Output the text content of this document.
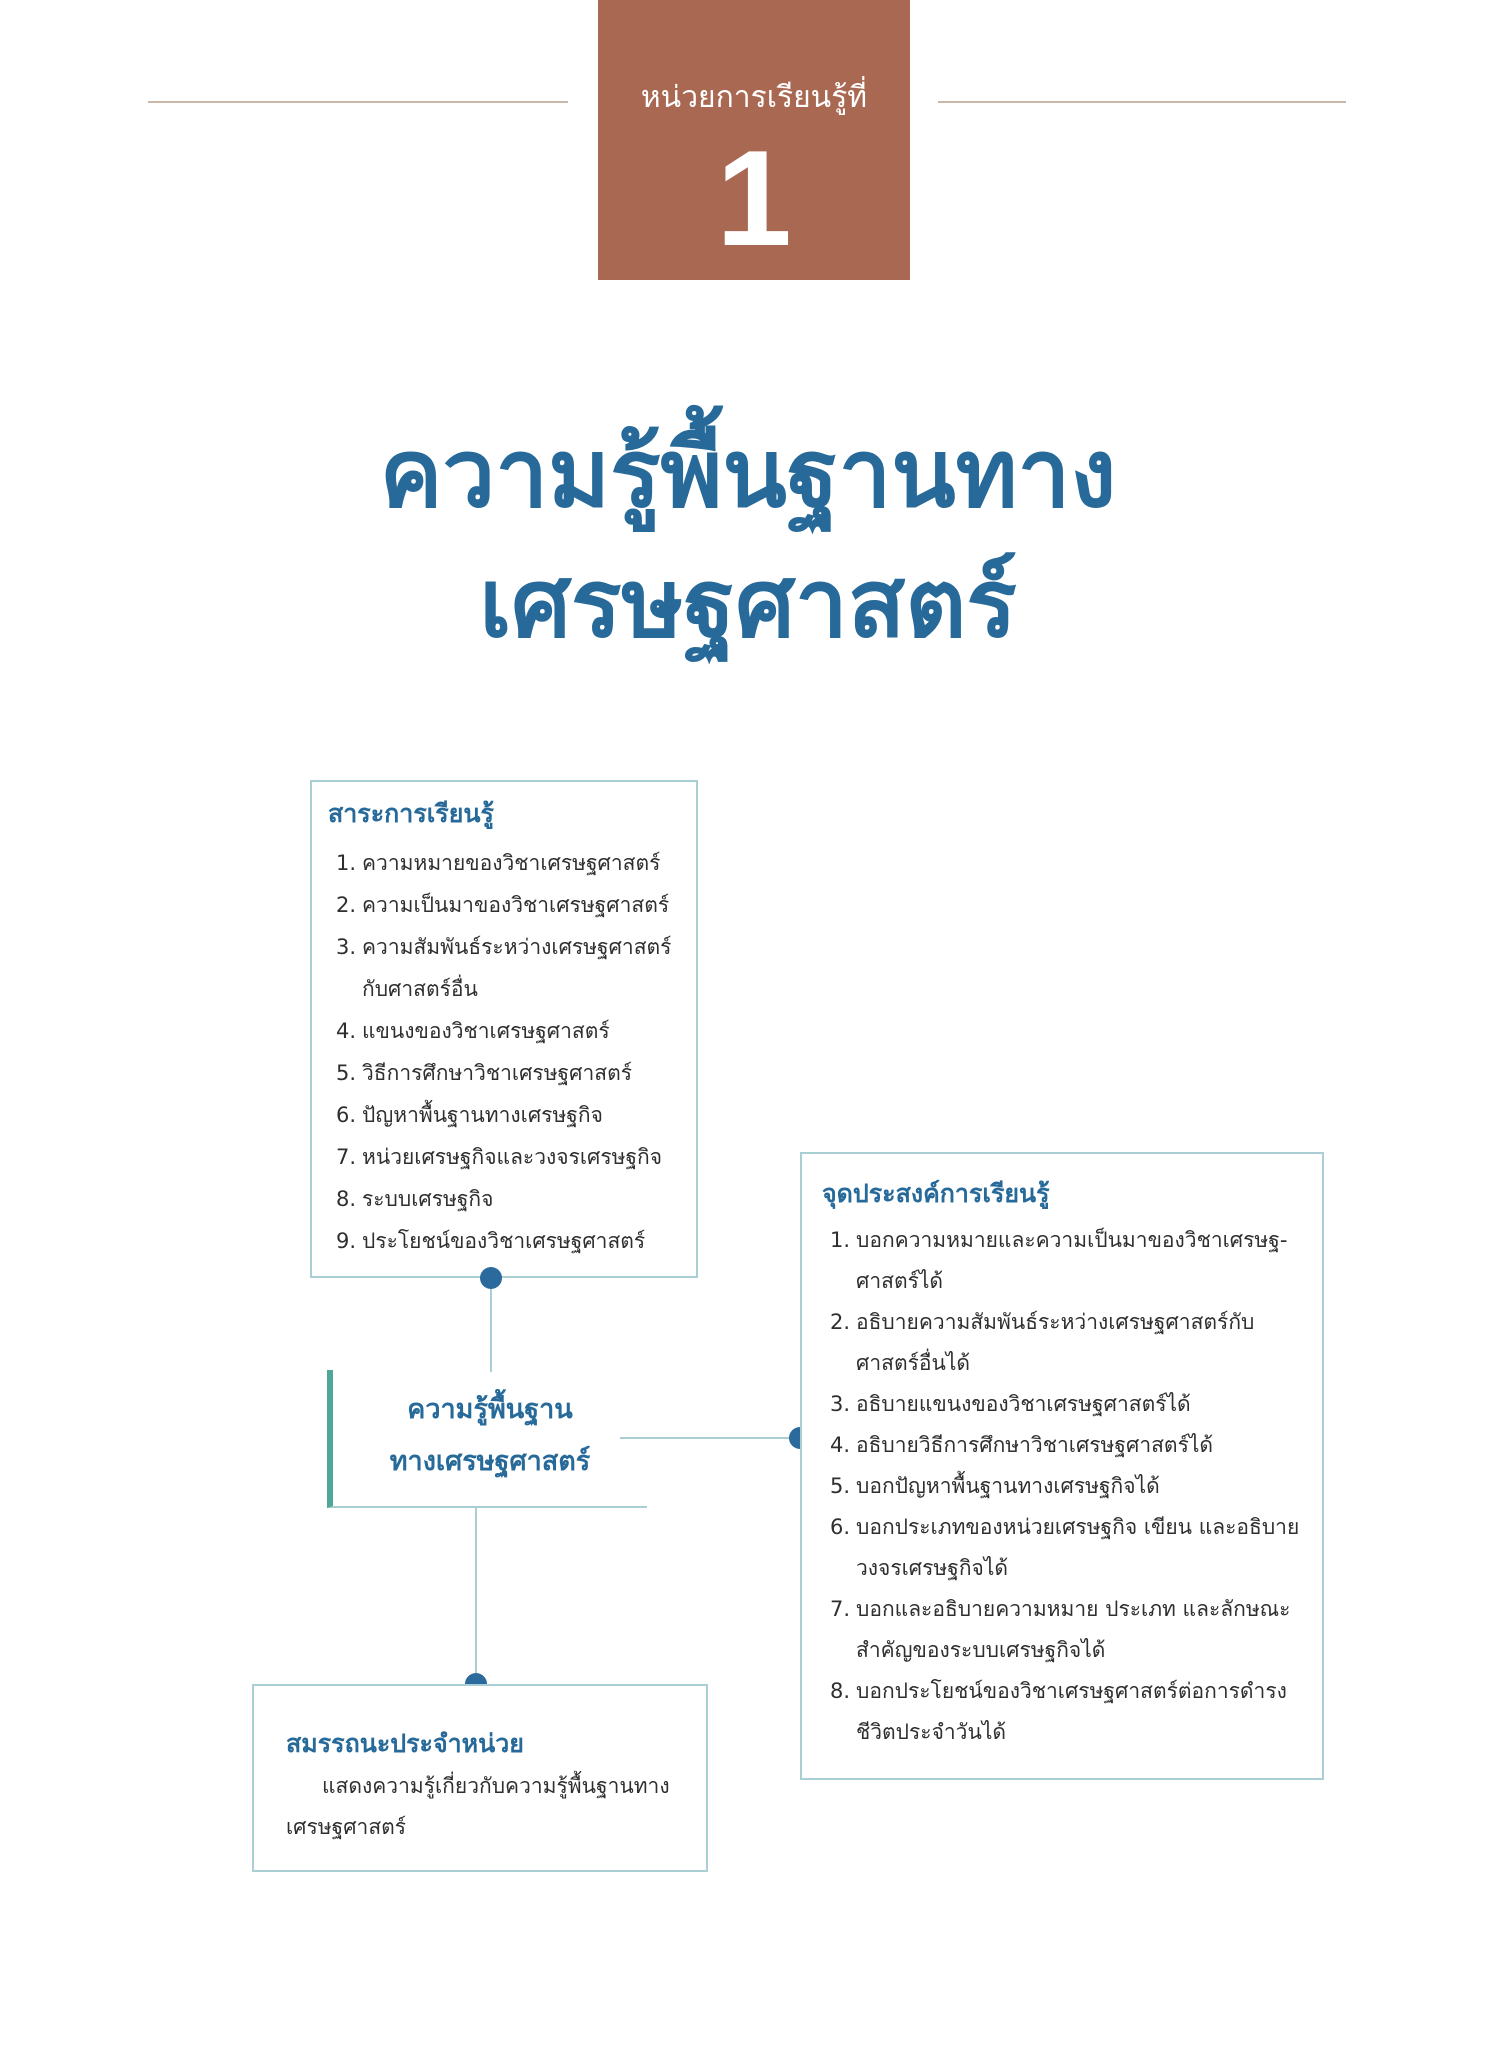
หน่วยการเรียนรู้ที่
1
ความรู้พื้นฐานทาง
เศรษฐศาสตร์
สาระการเรียนรู้
1. ความหมายของวิชาเศรษฐศาสตร์
2. ความเป็นมาของวิชาเศรษฐศาสตร์
3. ความสัมพันธ์ระหว่างเศรษฐศาสตร์ กับศาสตร์อื่น
4. แขนงของวิชาเศรษฐศาสตร์
5. วิธีการศึกษาวิชาเศรษฐศาสตร์
6. ปัญหาพื้นฐานทางเศรษฐกิจ
7. หน่วยเศรษฐกิจและวงจรเศรษฐกิจ
8. ระบบเศรษฐกิจ
9. ประโยชน์ของวิชาเศรษฐศาสตร์
ความรู้พื้นฐาน
ทางเศรษฐศาสตร์
จุดประสงค์การเรียนรู้
1. บอกความหมายและความเป็นมาของวิชาเศรษฐ-ศาสตร์ได้
2. อธิบายความสัมพันธ์ระหว่างเศรษฐศาสตร์กับศาสตร์อื่นได้
3. อธิบายแขนงของวิชาเศรษฐศาสตร์ได้
4. อธิบายวิธีการศึกษาวิชาเศรษฐศาสตร์ได้
5. บอกปัญหาพื้นฐานทางเศรษฐกิจได้
6. บอกประเภทของหน่วยเศรษฐกิจ เขียน และอธิบายวงจรเศรษฐกิจได้
7. บอกและอธิบายความหมาย ประเภท และลักษณะสำคัญของระบบเศรษฐกิจได้
8. บอกประโยชน์ของวิชาเศรษฐศาสตร์ต่อการดำรงชีวิตประจำวันได้
สมรรถนะประจำหน่วย
แสดงความรู้เกี่ยวกับความรู้พื้นฐานทางเศรษฐศาสตร์
